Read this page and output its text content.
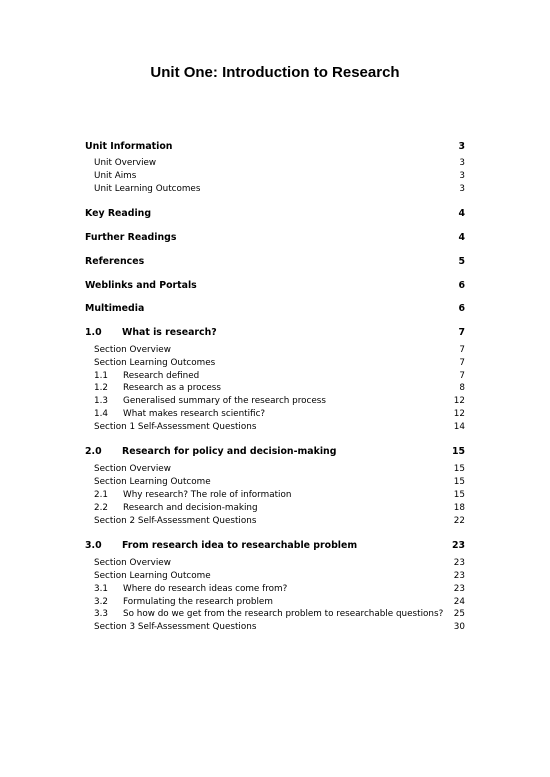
Unit One: Introduction to Research
Unit Information	3
Unit Overview	3
Unit Aims	3
Unit Learning Outcomes	3
Key Reading	4
Further Readings	4
References	5
Weblinks and Portals	6
Multimedia	6
1.0 What is research?	7
Section Overview	7
Section Learning Outcomes	7
1.1 Research defined	7
1.2 Research as a process	8
1.3 Generalised summary of the research process	12
1.4 What makes research scientific?	12
Section 1 Self-Assessment Questions	14
2.0 Research for policy and decision-making	15
Section Overview	15
Section Learning Outcome	15
2.1 Why research? The role of information	15
2.2 Research and decision-making	18
Section 2 Self-Assessment Questions	22
3.0 From research idea to researchable problem	23
Section Overview	23
Section Learning Outcome	23
3.1 Where do research ideas come from?	23
3.2 Formulating the research problem	24
3.3 So how do we get from the research problem to researchable questions? 25
Section 3 Self-Assessment Questions	30
